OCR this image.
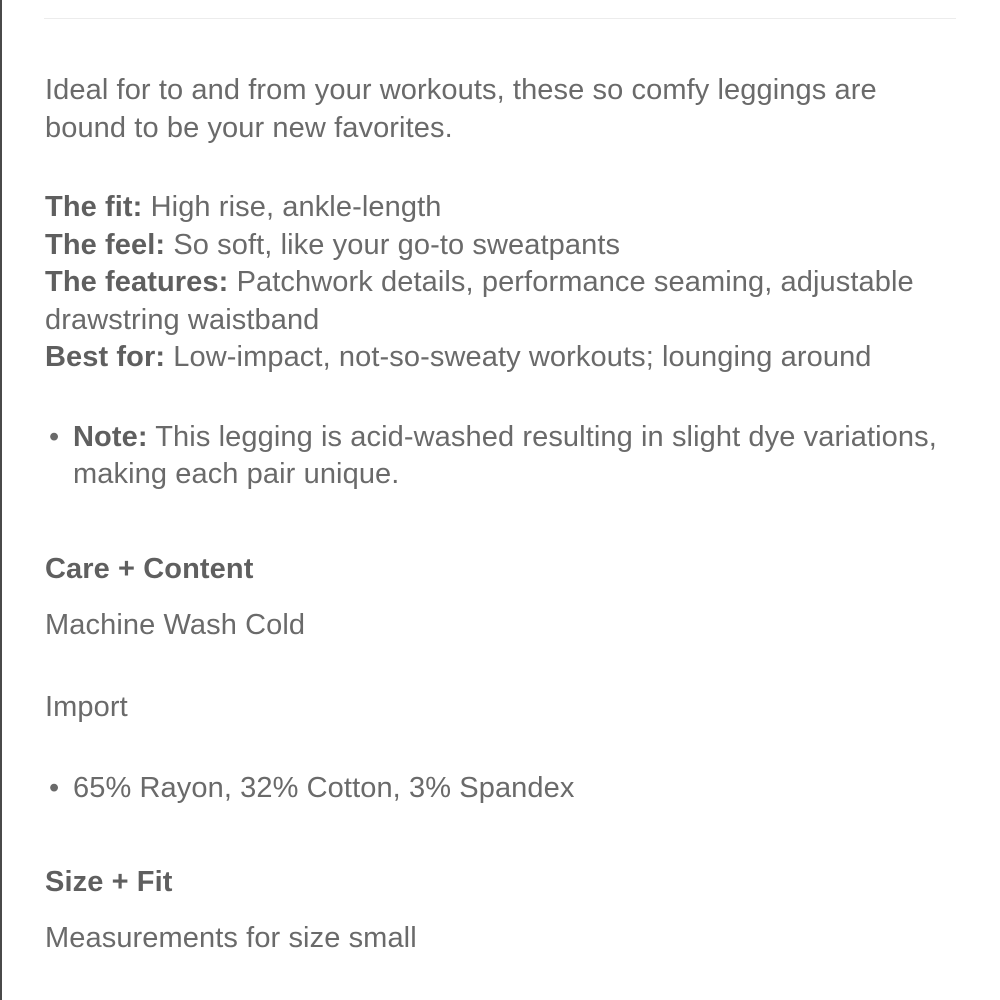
Ideal for to and from your workouts, these so comfy leggings are bound to be your new favorites.

The fit: High rise, ankle-length
The feel: So soft, like your go-to sweatpants
The features: Patchwork details, performance seaming, adjustable drawstring waistband
Best for: Low-impact, not-so-sweaty workouts; lounging around

• Note: This legging is acid-washed resulting in slight dye variations, making each pair unique.

Care + Content

Machine Wash Cold

Import

• 65% Rayon, 32% Cotton, 3% Spandex

Size + Fit

Measurements for size small
